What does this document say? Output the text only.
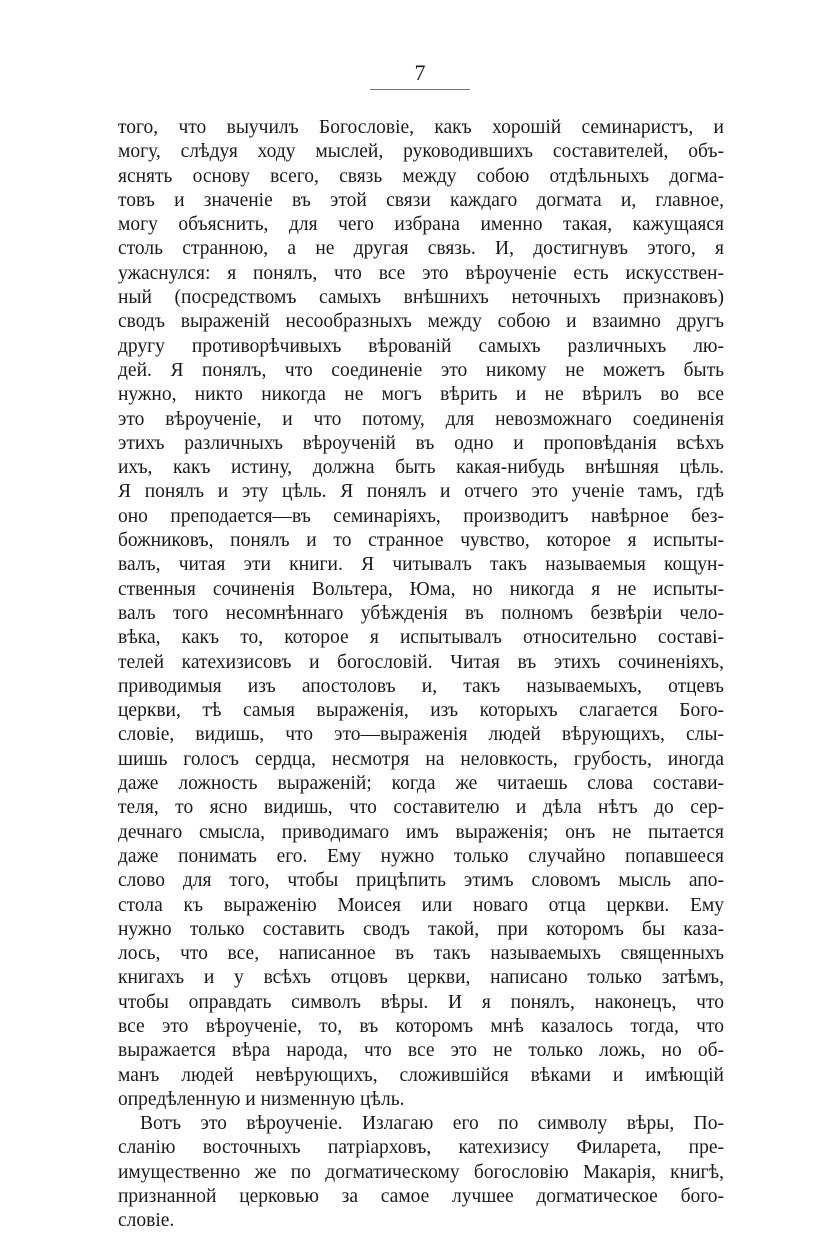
7
того, что выучилъ Богословіе, какъ хорошій семинаристъ, и
могу, слѣдуя ходу мыслей, руководившихъ составителей, объ-
яснять основу всего, связь между собою отдѣльныхъ догма-
товъ и значеніе въ этой связи каждаго догмата и, главное,
могу объяснить, для чего избрана именно такая, кажущаяся
столь странною, а не другая связь. И, достигнувъ этого, я
ужаснулся: я понялъ, что все это вѣроученіе есть искусствен-
ный (посредствомъ самыхъ внѣшнихъ неточныхъ признаковъ)
сводъ выраженій несообразныхъ между собою и взаимно другъ
другу противорѣчивыхъ вѣрованій самыхъ различныхъ лю-
дей. Я понялъ, что соединеніе это никому не можетъ быть
нужно, никто никогда не могъ вѣрить и не вѣрилъ во все
это вѣроученіе, и что потому, для невозможнаго соединенія
этихъ различныхъ вѣроученій въ одно и проповѣданія всѣхъ
ихъ, какъ истину, должна быть какая-нибудь внѣшняя цѣль.
Я понялъ и эту цѣль. Я понялъ и отчего это ученіе тамъ, гдѣ
оно преподается—въ семинаріяхъ, производитъ навѣрное без-
божниковъ, понялъ и то странное чувство, которое я испыты-
валъ, читая эти книги. Я читывалъ такъ называемыя кощун-
ственныя сочиненія Вольтера, Юма, но никогда я не испыты-
валъ того несомнѣннаго убѣжденія въ полномъ безвѣріи чело-
вѣка, какъ то, которое я испытывалъ относительно составі-
телей катехизисовъ и богословій. Читая въ этихъ сочиненіяхъ,
приводимыя изъ апостоловъ и, такъ называемыхъ, отцевъ
церкви, тѣ самыя выраженія, изъ которыхъ слагается Бого-
словіе, видишь, что это—выраженія людей вѣрующихъ, слы-
шишь голосъ сердца, несмотря на неловкость, грубость, иногда
даже ложность выраженій; когда же читаешь слова состави-
теля, то ясно видишь, что составителю и дѣла нѣтъ до сер-
дечнаго смысла, приводимаго имъ выраженія; онъ не пытается
даже понимать его. Ему нужно только случайно попавшееся
слово для того, чтобы прицѣпить этимъ словомъ мысль апо-
стола къ выраженію Моисея или новаго отца церкви. Ему
нужно только составить сводъ такой, при которомъ бы каза-
лось, что все, написанное въ такъ называемыхъ священныхъ
книгахъ и у всѣхъ отцовъ церкви, написано только затѣмъ,
чтобы оправдать символъ вѣры. И я понялъ, наконецъ, что
все это вѣроученіе, то, въ которомъ мнѣ казалось тогда, что
выражается вѣра народа, что все это не только ложь, но об-
манъ людей невѣрующихъ, сложившійся вѣками и имѣющій
опредѣленную и низменную цѣль.
Вотъ это вѣроученіе. Излагаю его по символу вѣры, По-
сланію восточныхъ патріарховъ, катехизису Филарета, пре-
имущественно же по догматическому богословію Макарія, книгѣ,
признанной церковью за самое лучшее догматическое бого-
словіе.
